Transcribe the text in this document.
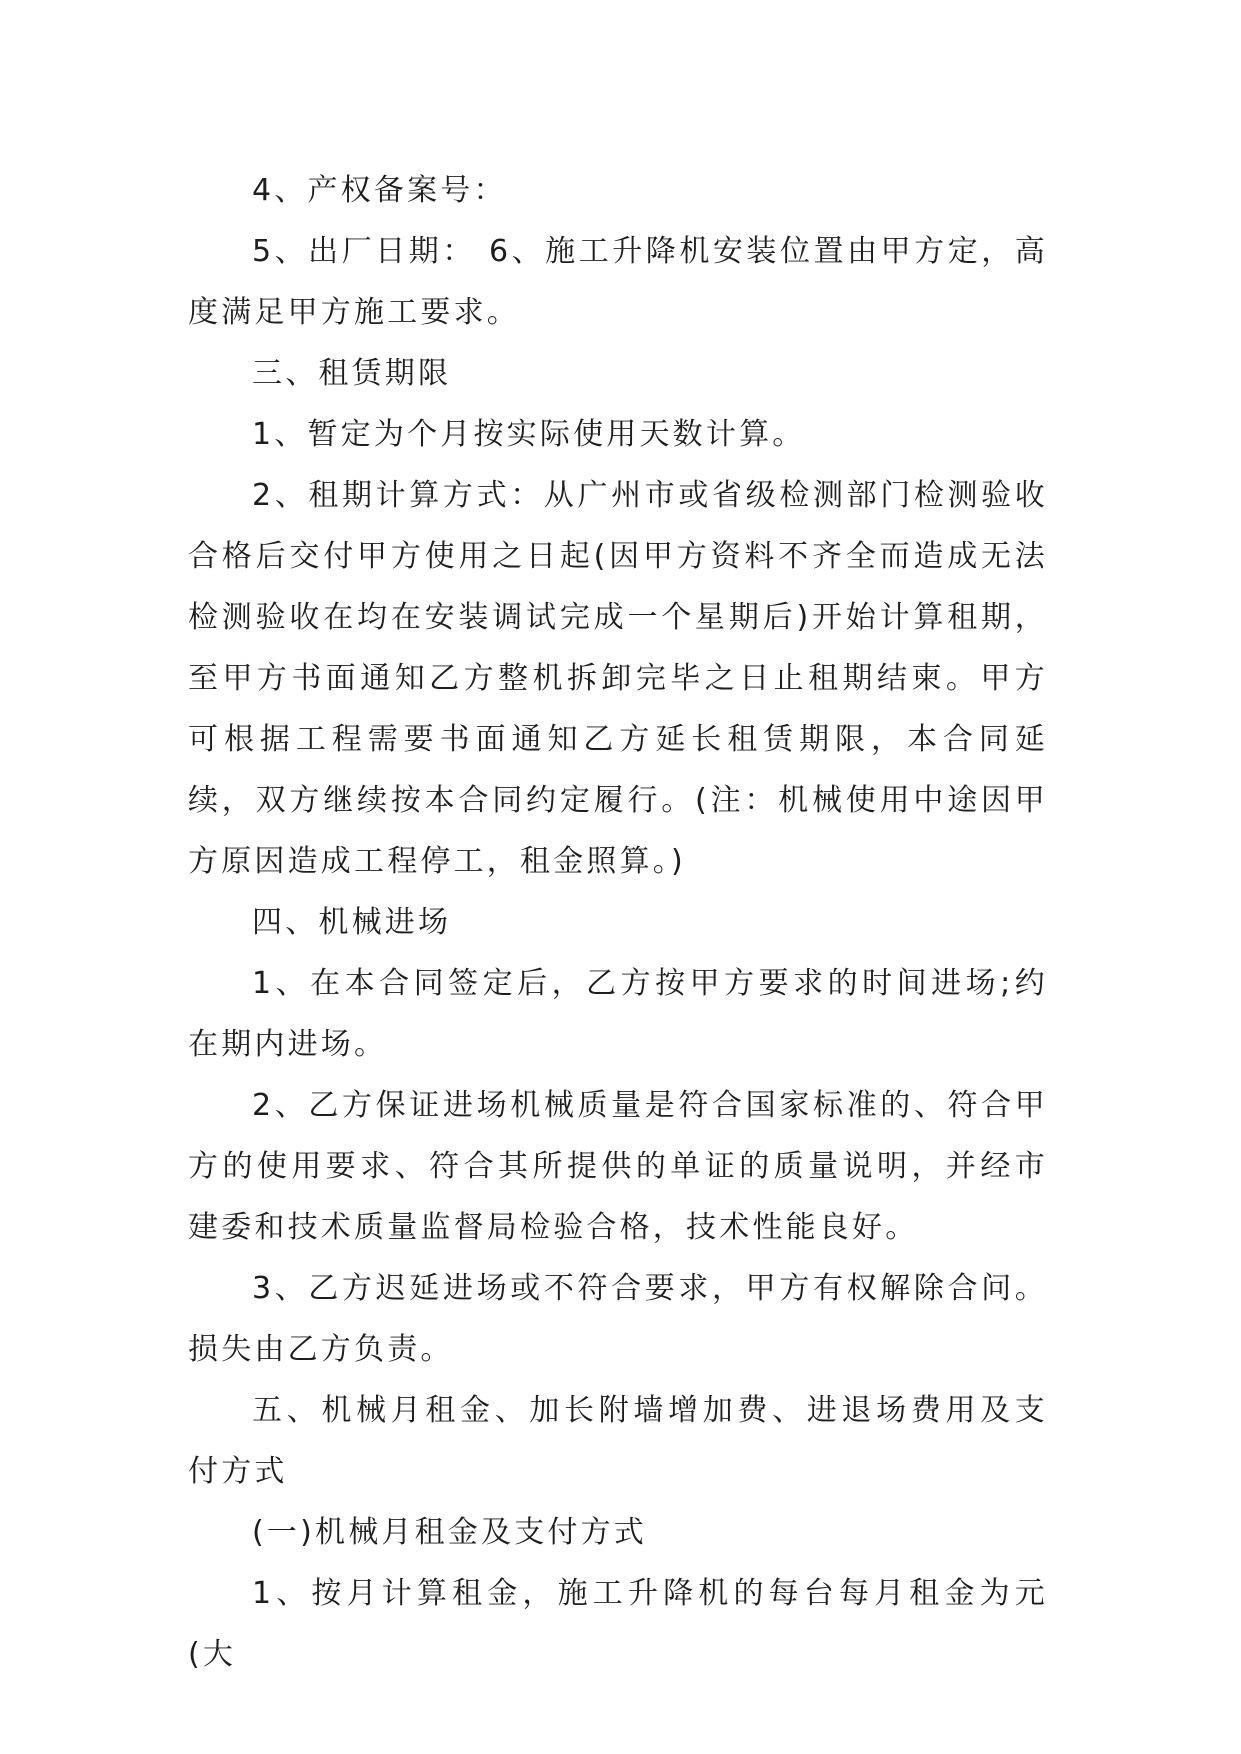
4、产权备案号：

5、出厂日期： 6、施工升降机安装位置由甲方定，高度满足甲方施工要求。

三、租赁期限

1、暂定为个月按实际使用天数计算。

2、租期计算方式：从广州市或省级检测部门检测验收合格后交付甲方使用之日起(因甲方资料不齐全而造成无法检测验收在均在安装调试完成一个星期后)开始计算租期，至甲方书面通知乙方整机拆卸完毕之日止租期结柬。甲方可根据工程需要书面通知乙方延长租赁期限，本合同延续，双方继续按本合同约定履行。(注：机械使用中途因甲方原因造成工程停工，租金照算。)

四、机械进场

1、在本合同签定后，乙方按甲方要求的时间进场;约在期内进场。

2、乙方保证进场机械质量是符合国家标准的、符合甲方的使用要求、符合其所提供的单证的质量说明，并经市建委和技术质量监督局检验合格，技术性能良好。

3、乙方迟延进场或不符合要求，甲方有权解除合问。损失由乙方负责。

五、机械月租金、加长附墙增加费、进退场费用及支付方式

(一)机械月租金及支付方式

1、按月计算租金，施工升降机的每台每月租金为元(大
